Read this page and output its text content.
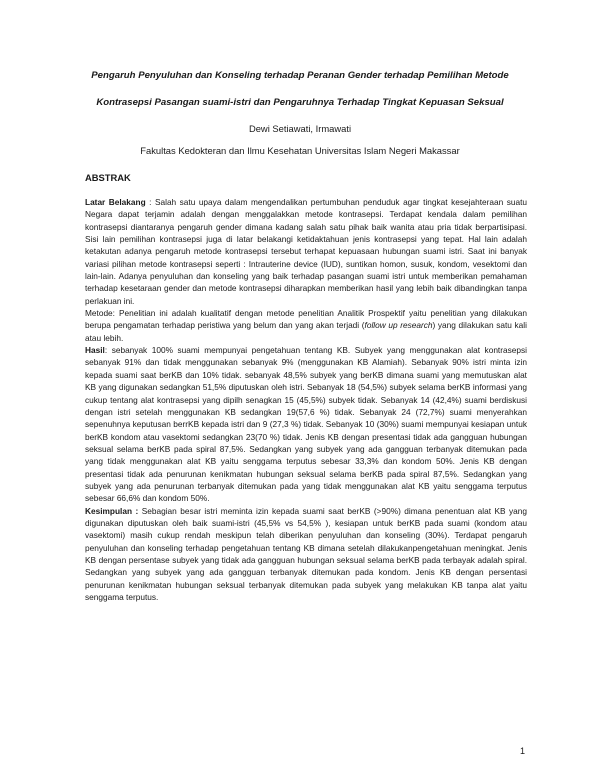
Pengaruh Penyuluhan dan Konseling terhadap Peranan Gender terhadap Pemilihan Metode
Kontrasepsi Pasangan suami-istri dan Pengaruhnya Terhadap Tingkat Kepuasan Seksual
Dewi Setiawati, Irmawati
Fakultas Kedokteran dan Ilmu Kesehatan Universitas Islam Negeri Makassar
ABSTRAK

Latar Belakang : Salah satu upaya dalam mengendalikan pertumbuhan penduduk agar tingkat kesejahteraan suatu Negara dapat terjamin adalah dengan menggalakkan metode kontrasepsi. Terdapat kendala dalam pemilihan kontrasepsi diantaranya pengaruh gender dimana kadang salah satu pihak baik wanita atau pria tidak berpartisipasi. Sisi lain pemilihan kontrasepsi juga di latar belakangi ketidaktahuan jenis kontrasepsi yang tepat. Hal lain adalah ketakutan adanya pengaruh metode kontrasepsi tersebut terhapat kepuasaan hubungan suami istri. Saat ini banyak variasi pilihan metode kontrasepsi seperti : Intrauterine device (IUD), suntikan homon, susuk, kondom, vesektomi dan lain-lain. Adanya penyuluhan dan konseling yang baik terhadap pasangan suami istri untuk memberikan pemahaman terhadap kesetaraan gender dan metode kontrasepsi diharapkan memberikan hasil yang lebih baik dibandingkan tanpa perlakuan ini.

Metode: Penelitian ini adalah kualitatif dengan metode penelitian Analitik Prospektif yaitu penelitian yang dilakukan berupa pengamatan terhadap peristiwa yang belum dan yang akan terjadi (follow up research) yang dilakukan satu kali atau lebih.

Hasil: sebanyak 100% suami mempunyai pengetahuan tentang KB. Subyek yang menggunakan alat kontrasepsi sebanyak 91% dan tidak menggunakan sebanyak 9% (menggunakan KB Alamiah). Sebanyak 90% istri minta izin kepada suami saat berKB dan 10% tidak. sebanyak 48,5% subyek yang berKB dimana suami yang memutuskan alat KB yang digunakan sedangkan 51,5% diputuskan oleh istri. Sebanyak 18 (54,5%) subyek selama berKB informasi yang cukup tentang alat kontrasepsi yang dipilh senagkan 15 (45,5%) subyek tidak. Sebanyak 14 (42,4%) suami berdiskusi dengan istri setelah menggunakan KB sedangkan 19(57,6 %) tidak. Sebanyak 24 (72,7%) suami menyerahkan sepenuhnya keputusan berrKB kepada istri dan 9 (27,3 %) tidak. Sebanyak 10 (30%) suami mempunyai kesiapan untuk berKB kondom atau vasektomi sedangkan 23(70 %) tidak. Jenis KB dengan presentasi tidak ada gangguan hubungan seksual selama berKB pada spiral 87,5%. Sedangkan yang subyek yang ada gangguan terbanyak ditemukan pada yang tidak menggunakan alat KB yaitu senggama terputus sebesar 33,3% dan kondom 50%. Jenis KB dengan presentasi tidak ada penurunan kenikmatan hubungan seksual selama berKB pada spiral 87,5%. Sedangkan yang subyek yang ada penurunan terbanyak ditemukan pada yang tidak menggunakan alat KB yaitu senggama terputus sebesar 66,6% dan kondom 50%.

Kesimpulan : Sebagian besar istri meminta izin kepada suami saat berKB (>90%) dimana penentuan alat KB yang digunakan diputuskan oleh baik suami-istri (45,5% vs 54,5% ), kesiapan untuk berKB pada suami (kondom atau vasektomi) masih cukup rendah meskipun telah diberikan penyuluhan dan konseling (30%). Terdapat pengaruh penyuluhan dan konseling terhadap pengetahuan tentang KB dimana setelah dilakukanpengetahuan meningkat. Jenis KB dengan persentase subyek yang tidak ada gangguan hubungan seksual selama berKB pada terbayak adalah spiral. Sedangkan yang subyek yang ada gangguan terbanyak ditemukan pada kondom. Jenis KB dengan persentasi penurunan kenikmatan hubungan seksual terbanyak ditemukan pada subyek yang melakukan KB tanpa alat yaitu senggama terputus.

1
